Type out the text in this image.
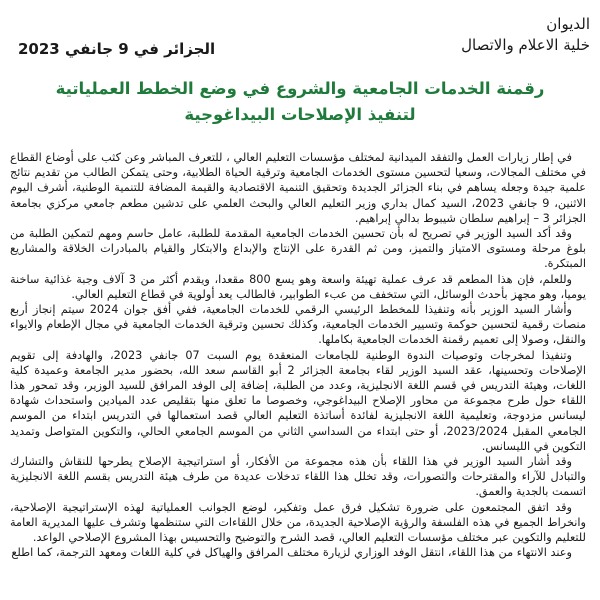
الديوان
خلية الاعلام والاتصال
الجزائر في 9 جانفي 2023
رقمنة الخدمات الجامعية والشروع في وضع الخطط العملياتية لتنفيذ الإصلاحات البيداغوجية

في إطار زيارات العمل والتفقد الميدانية لمختلف مؤسسات التعليم العالي ، للتعرف المباشر وعن كثب على أوضاع القطاع في مختلف المجالات، وسعيا لتحسين مستوى الخدمات الجامعية وترقية الحياة الطلابية، وحتى يتمكن الطالب من تقديم نتائج علمية جيدة وجعله يساهم في بناء الجزائر الجديدة وتحقيق التنمية الاقتصادية والقيمة المضافة للتنمية الوطنية، أشرف اليوم الاثنين، 9 جانفي 2023، السيد كمال بداري وزير التعليم العالي والبحث العلمي على تدشين مطعم جامعي مركزي بجامعة الجزائر 3 – إبراهيم سلطان شيبوط بدالي إبراهيم.

وقد أكد السيد الوزير في تصريح له بأن تحسين الخدمات الجامعية المقدمة للطلبة، عامل حاسم ومهم لتمكين الطلبة من بلوغ مرحلة ومستوى الامتياز والتميز، ومن ثم القدرة على الإنتاج والإبداع والابتكار والقيام بالمبادرات الخلاقة والمشاريع المبتكرة.

وللعلم، فإن هذا المطعم قد عرف عملية تهيئة واسعة وهو يسع 800 مقعدا، ويقدم أكثر من 3 آلاف وجبة غذائية ساخنة يوميا، وهو مجهز بأحدث الوسائل، التي ستخفف من عبء الطوابير، فالطالب يعد أولوية في قطاع التعليم العالي.

وأشار السيد الوزير بأنه وتنفيذا للمخطط الرئيسي الرقمي للخدمات الجامعية، ففي أفق جوان 2024 سيتم إنجاز أربع منصات رقمية لتحسين حوكمة وتسيير الخدمات الجامعية، وكذلك تحسين وترقية الخدمات الجامعية في مجال الإطعام والايواء والنقل، وصولا إلى تعميم رقمنة الخدمات الجامعية بكاملها.

وتنفيذا لمخرجات وتوصيات الندوة الوطنية للجامعات المنعقدة يوم السبت 07 جانفي 2023، والهادفة إلى تقويم الإصلاحات وتحسينها، عقد السيد الوزير لقاء بجامعة الجزائر 2 أبو القاسم سعد الله، بحضور مدير الجامعة وعميدة كلية اللغات، وهيئة التدريس في قسم اللغة الانجليزية، وعدد من الطلبة، إضافة إلى الوفد المرافق للسيد الوزير، وقد تمحور هذا اللقاء حول طرح مجموعة من محاور الإصلاح البيداغوجي، وخصوصا ما تعلق منها بتقليص عدد الميادين واستحداث شهادة ليسانس مزدوجة، وتعليمية اللغة الانجليزية لفائدة أساتذة التعليم العالي قصد استعمالها في التدريس ابتداء من الموسم الجامعي المقبل 2023/2024، أو حتى ابتداء من السداسي الثاني من الموسم الجامعي الحالي، والتكوين المتواصل وتمديد التكوين في الليسانس.

وقد أشار السيد الوزير في هذا اللقاء بأن هذه مجموعة من الأفكار، أو استراتيجية الإصلاح يطرحها للنقاش والتشارك والتبادل للآراء والمقترحات والتصورات، وقد تخلل هذا اللقاء تدخلات عديدة من طرف هيئة التدريس بقسم اللغة الانجليزية اتسمت بالجدية والعمق.

وقد اتفق المجتمعون على ضرورة تشكيل فرق عمل وتفكير، لوضع الجوانب العملياتية لهذه الإستراتيجية الإصلاحية، وانخراط الجميع في هذه الفلسفة والرؤية الإصلاحية الجديدة، من خلال اللقاءات التي ستنظمها وتشرف عليها المديرية العامة للتعليم والتكوين عبر مختلف مؤسسات التعليم العالي، قصد الشرح والتوضيح والتحسيس بهذا المشروع الإصلاحي الواعد.

وعند الانتهاء من هذا اللقاء، انتقل الوفد الوزاري لزيارة مختلف المرافق والهياكل في كلية اللغات ومعهد الترجمة، كما اطلع
